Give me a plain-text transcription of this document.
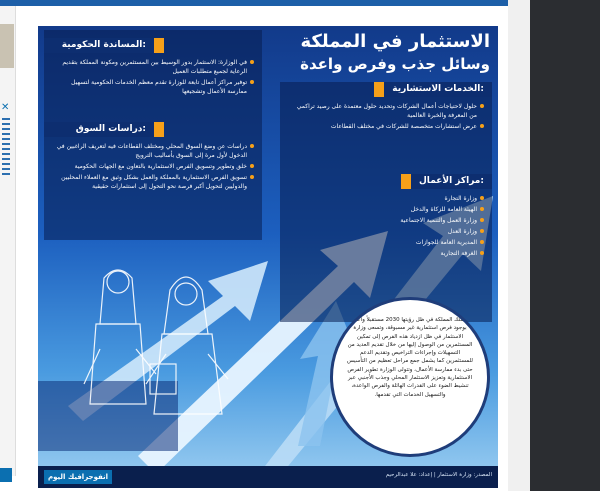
✕
الاستثمار في المملكة
وسائل جذب وفرص واعدة
الخدمات الاستشارية:
حلول لاحتياجات أعمال الشركات وتحديد حلول معتمدة على رصيد تراكمي من المعرفة والخبرة العالمية
عرض استشارات متخصصة للشركات في مختلف القطاعات
مراكز الأعمال:
وزارة التجارة
الهيئة العامة للزكاة والدخل
وزارة العمل والتنمية الاجتماعية
وزارة العدل
المديرية العامة للجوازات
الغرفة التجارية
المساندة الحكومية:
في الوزارة: الاستثمار بدور الوسيط بين المستثمرين ومكونة المملكة بتقديم الرعاية لجميع متطلبات العميل
توفير مراكز أعمال تابعة للوزارة تقدم معظم الخدمات الحكومية لتسهيل ممارسة الأعمال وتشجيعها
دراسات السوق:
دراسات عن وضع السوق المحلي ومختلف القطاعات فيه لتعريف الراغبين في الدخول لأول مرة إلى السوق بأساليب الترويج
خلق وتطوير وتسويق الفرص الاستثمارية بالتعاون مع الجهات الحكومية
تسويق الفرص الاستثمارية بالمملكة والعمل بشكل وثيق مع العملاء المحليين والدوليين لتحويل أكبر فرصة نحو التحول إلى استثمارات حقيقية

تمتلك المملكة في ظل رؤيتها 2030 مستقبلاً واعداً بوجود فرص استثمارية غير مسبوقة، وتسعى وزارة الاستثمار في ظل ازدياد هذه الفرص إلى تمكين المستثمرين من الوصول إليها من خلال تقديم العديد من التسهيلات وإجراءات التراخيص وتقديم الدعم للمستثمرين كما يشمل جمع مراحل تعظيم من التأسيس حتى بدء ممارسة الأعمال، وتتولى الوزارة تطوير الفرص الاستثمارية وتعزيز الاستثمار المحلي وجذب الأجنبي عبر تنشيط الضوء على القدرات الهائلة والفرص الواعدة، والتسهيل الخدمات التي تقدمها.

انفوجرافيك اليوم	المصدر: وزارة الاستثمار | إعداد: علا عبدالرحيم
